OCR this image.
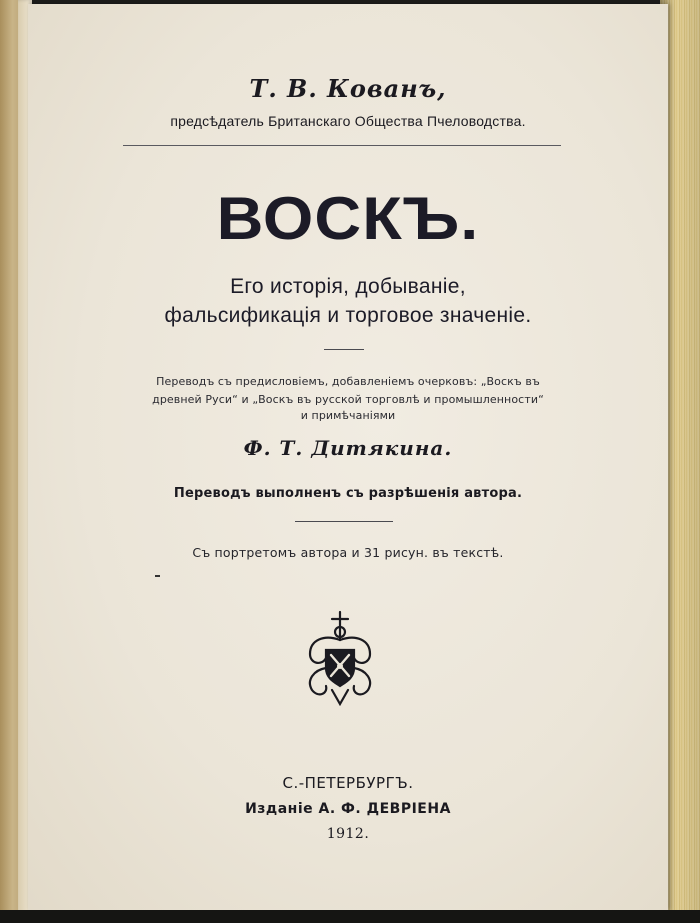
Т. В. Кованъ,
предсѣдатель Британскаго Общества Пчеловодства.
ВОСКЪ.
Его исторія, добываніе,
фальсификація и торговое значеніе.
Переводъ съ предисловіемъ, добавленіемъ очерковъ: „Воскъ въ
древней Руси“ и „Воскъ въ русской торговлѣ и промышленности“
и примѣчаніями
Ф. Т. Дитякина.
Переводъ выполненъ съ разрѣшенія автора.
Съ портретомъ автора и 31 рисун. въ текстѣ.
С.-ПЕТЕРБУРГЪ.
Изданіе А. Ф. ДЕВРІЕНА
1912.
